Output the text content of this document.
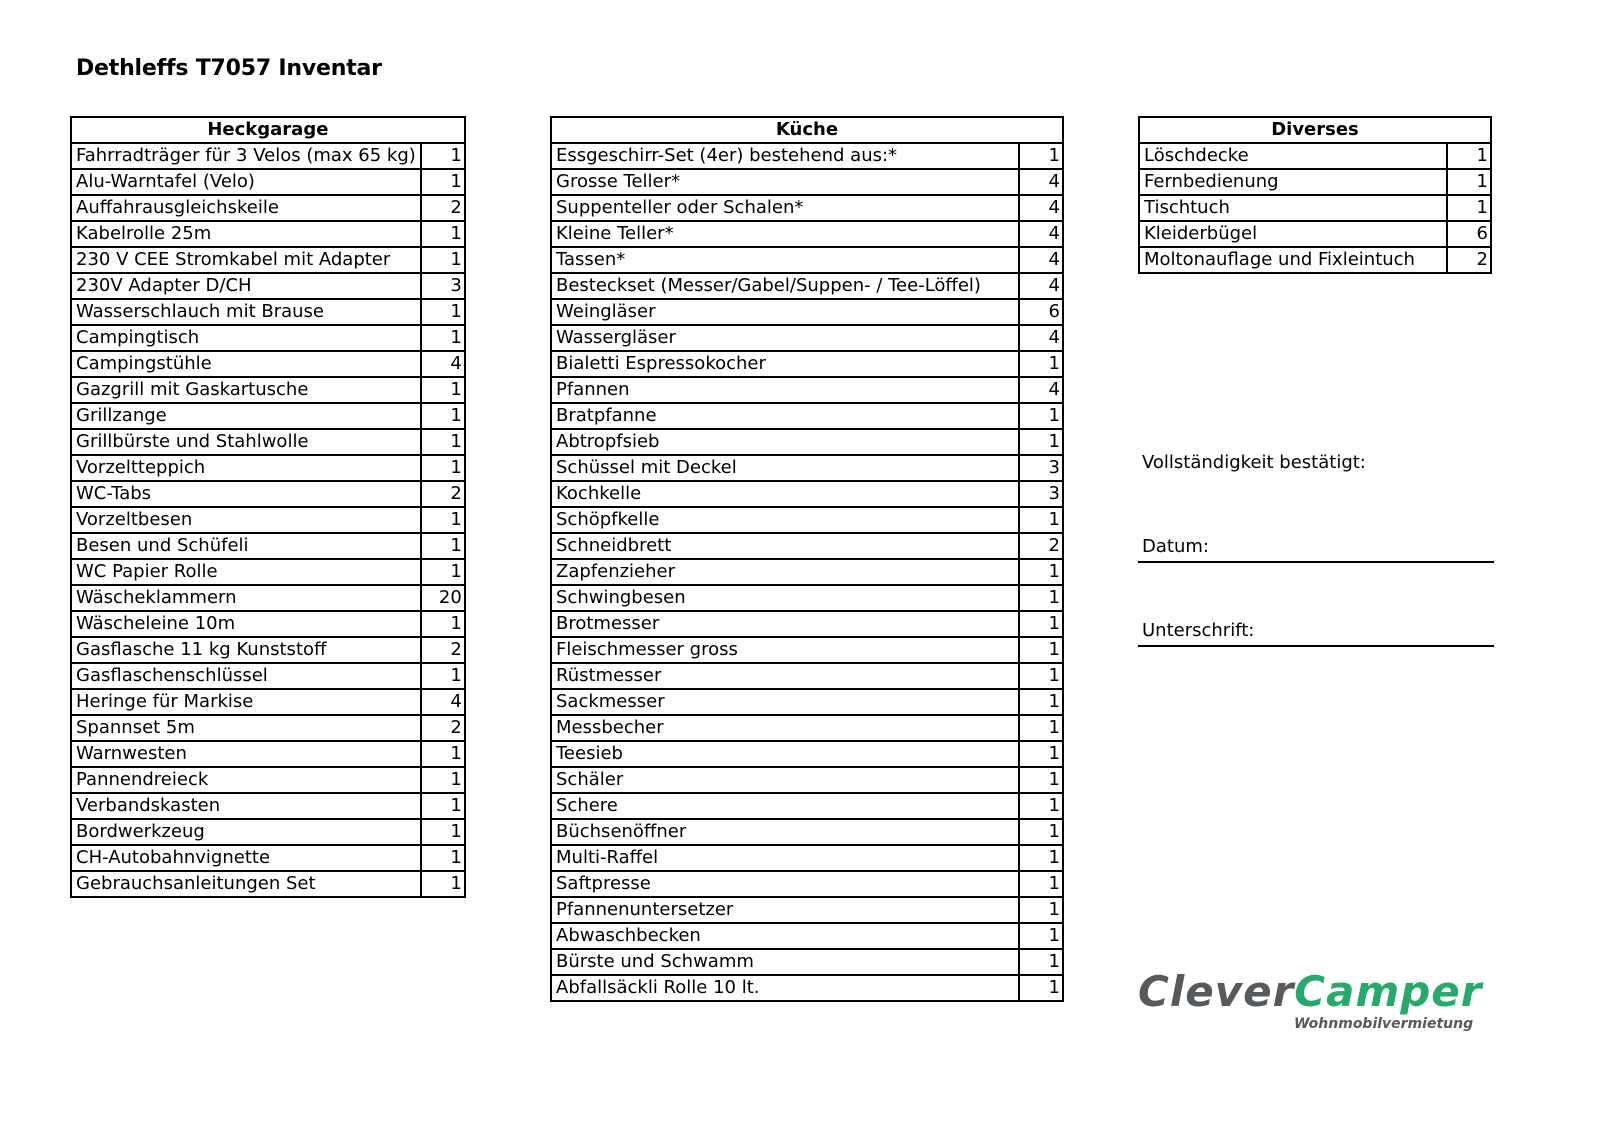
Dethleffs T7057 Inventar
Heckgarage	
Fahrradträger für 3 Velos (max 65 kg)	1
Alu-Warntafel (Velo)	1
Auffahrausgleichskeile	2
Kabelrolle 25m	1
230 V CEE Stromkabel mit Adapter	1
230V Adapter D/CH	3
Wasserschlauch mit Brause	1
Campingtisch	1
Campingstühle	4
Gazgrill mit Gaskartusche	1
Grillzange	1
Grillbürste und Stahlwolle	1
Vorzeltteppich	1
WC-Tabs	2
Vorzeltbesen	1
Besen und Schüfeli	1
WC Papier Rolle	1
Wäscheklammern	20
Wäscheleine 10m	1
Gasflasche 11 kg Kunststoff	2
Gasflaschenschlüssel	1
Heringe für Markise	4
Spannset 5m	2
Warnwesten	1
Pannendreieck	1
Verbandskasten	1
Bordwerkzeug	1
CH-Autobahnvignette	1
Gebrauchsanleitungen Set	1
Küche	
Essgeschirr-Set (4er) bestehend aus:*	1
Grosse Teller*	4
Suppenteller oder Schalen*	4
Kleine Teller*	4
Tassen*	4
Besteckset (Messer/Gabel/Suppen- / Tee-Löffel)	4
Weingläser	6
Wassergläser	4
Bialetti Espressokocher	1
Pfannen	4
Bratpfanne	1
Abtropfsieb	1
Schüssel mit Deckel	3
Kochkelle	3
Schöpfkelle	1
Schneidbrett	2
Zapfenzieher	1
Schwingbesen	1
Brotmesser	1
Fleischmesser gross	1
Rüstmesser	1
Sackmesser	1
Messbecher	1
Teesieb	1
Schäler	1
Schere	1
Büchsenöffner	1
Multi-Raffel	1
Saftpresse	1
Pfannenuntersetzer	1
Abwaschbecken	1
Bürste und Schwamm	1
Abfallsäckli Rolle 10 lt.	1
Diverses	
Löschdecke	1
Fernbedienung	1
Tischtuch	1
Kleiderbügel	6
Moltonauflage und Fixleintuch	2
Vollständigkeit bestätigt:
Datum:
Unterschrift:
CleverCamper
Wohnmobilvermietung
